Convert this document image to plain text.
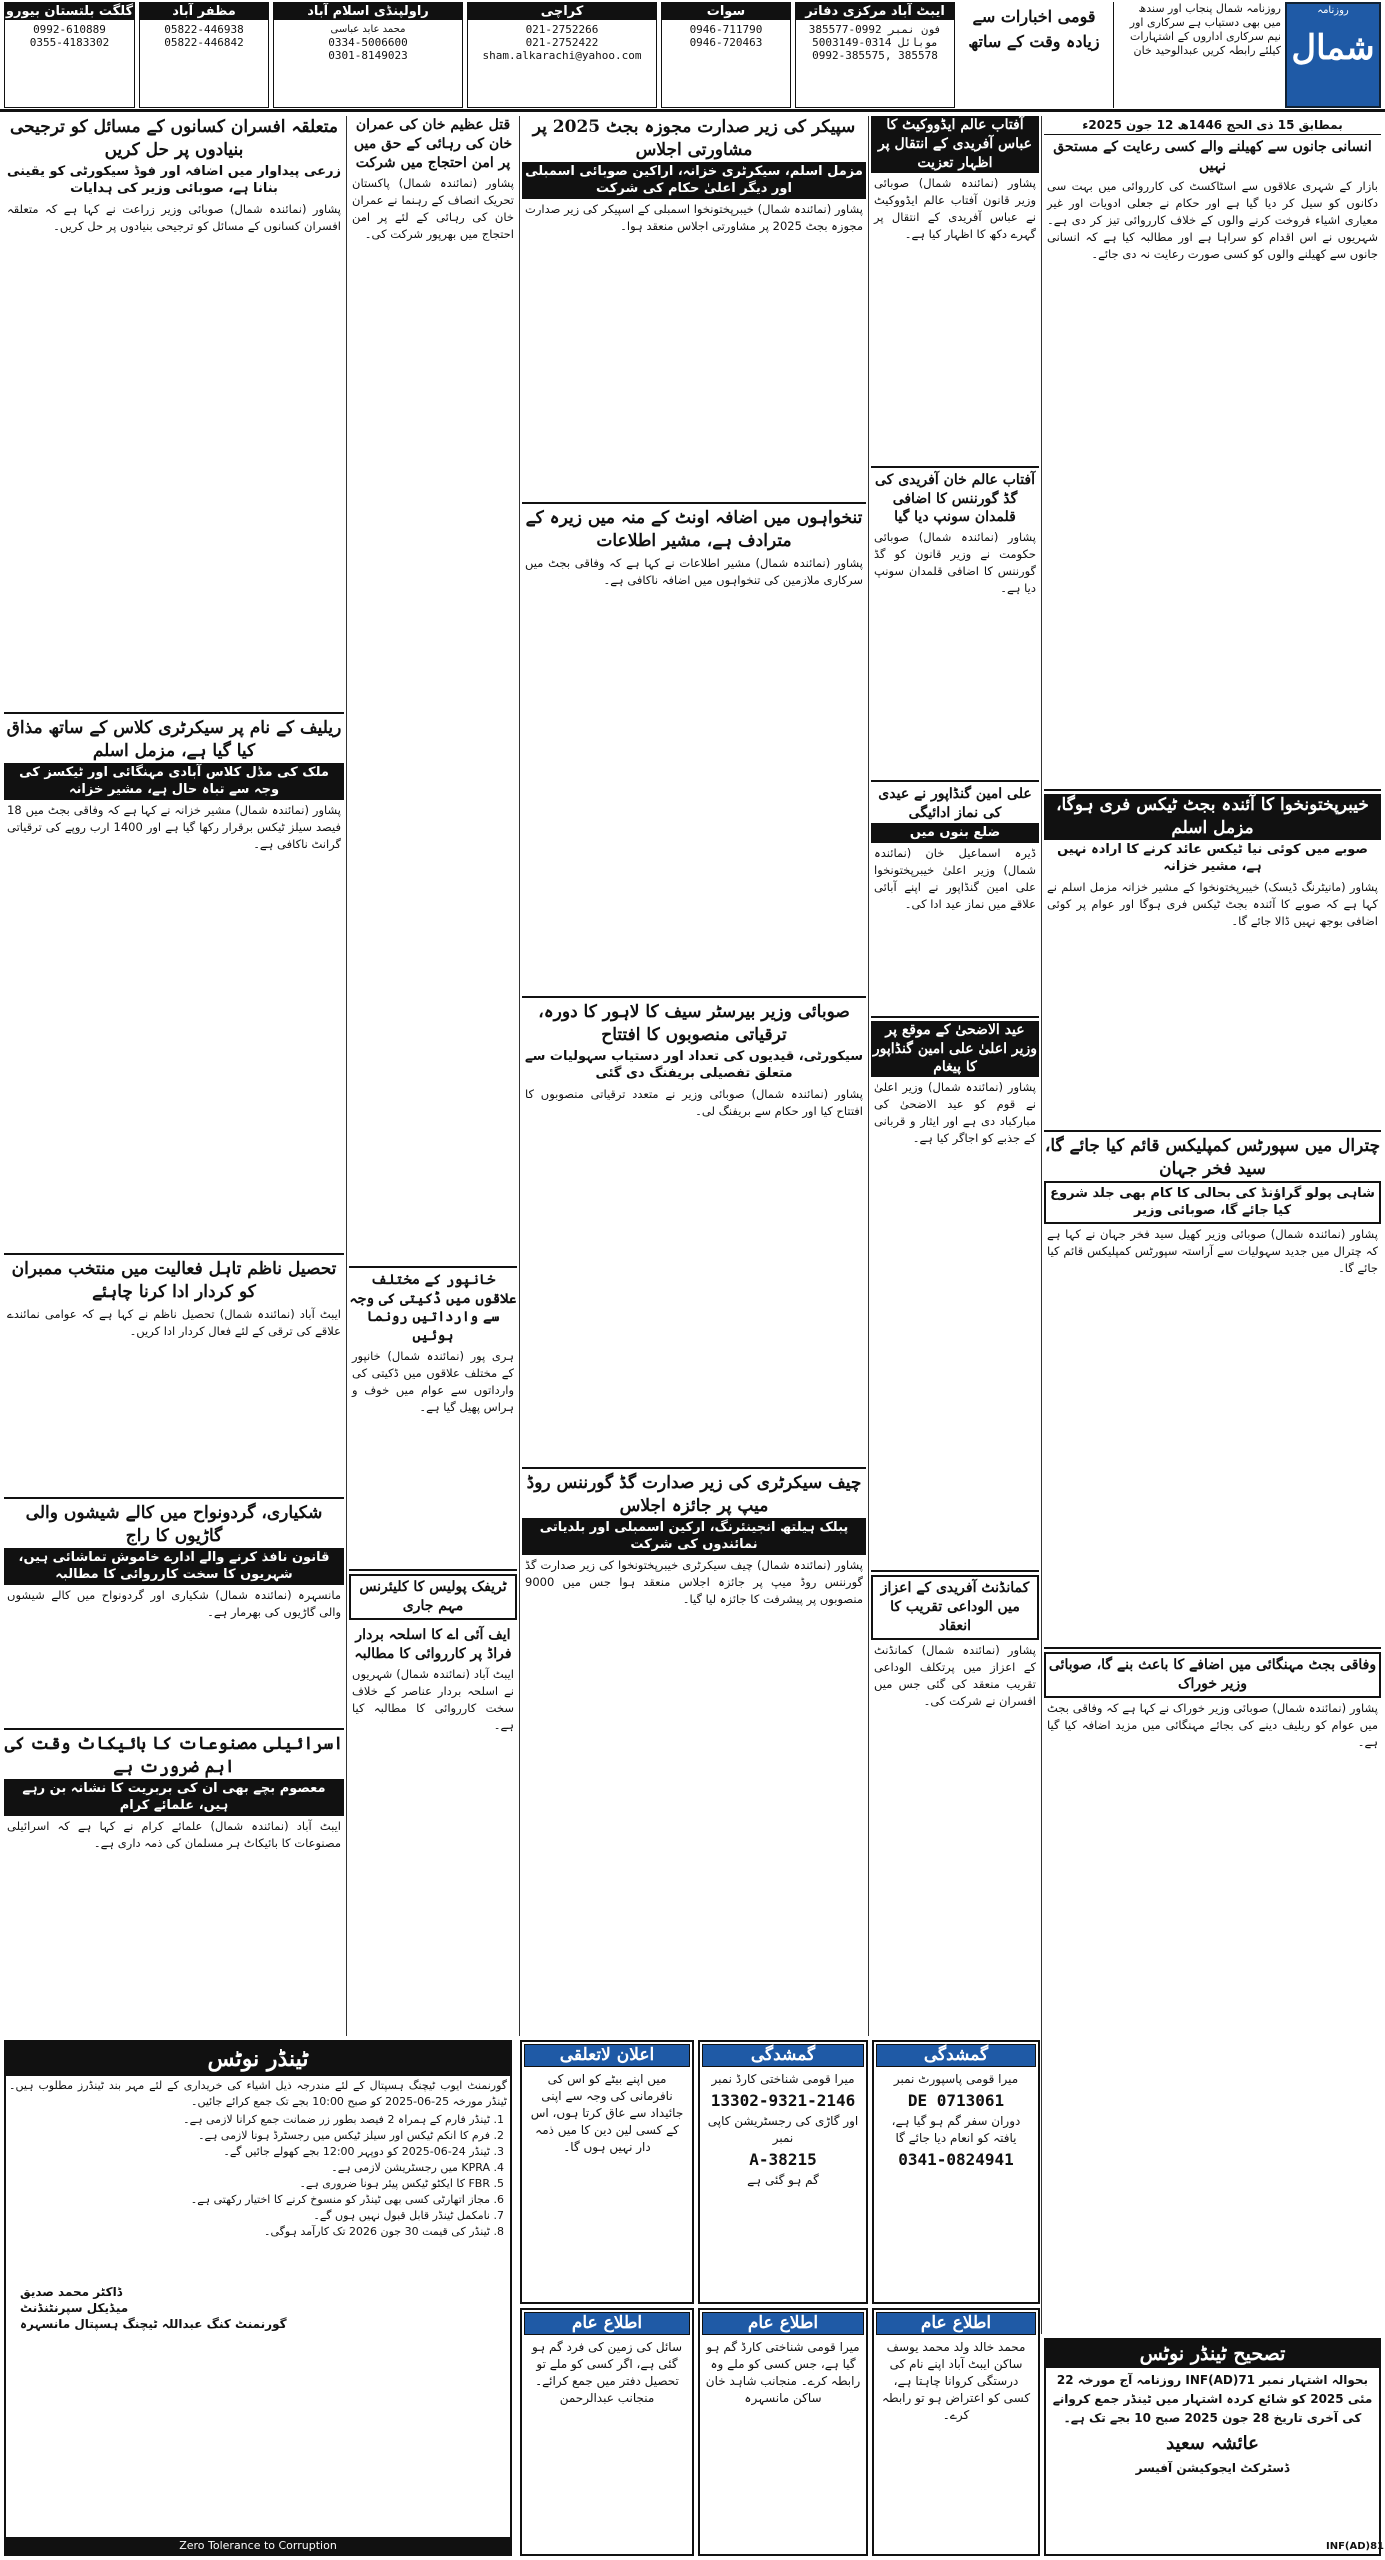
روزنامہ
شمال
روزنامہ شمال پنجاب اور سندھ میں بھی دستیاب ہے سرکاری اور نیم سرکاری اداروں کے اشتہارات کیلئے رابطہ کریں عبدالوحید خان
قومی اخبارات سے زیادہ وقت کے ساتھ
ایبٹ آباد مرکزی دفاتر
فون نمبر 0992-385577
موبائل 0314-5003149
0992-385575, 385578
سوات
0946-711790
0946-720463
کراچی
021-2752266
021-2752422
sham.alkarachi@yahoo.com
راولپنڈی اسلام آباد
محمد عابد عباسی
0334-5006600
0301-8149023
مظفر آباد
05822-446938
05822-446842
گلگت بلتستان بیورو
0992-610889
0355-4183302
بمطابق 15 ذی الحج 1446ھ 12 جون 2025ء
انسانی جانوں سے کھیلنے والے کسی رعایت کے مستحق نہیں
بازار کے شہری علاقوں سے اسٹاکسٹ کی کارروائی میں بہت سی دکانوں کو سیل کر دیا گیا ہے اور حکام نے جعلی ادویات اور غیر معیاری اشیاء فروخت کرنے والوں کے خلاف کارروائی تیز کر دی ہے۔ شہریوں نے اس اقدام کو سراہا ہے اور مطالبہ کیا ہے کہ انسانی جانوں سے کھیلنے والوں کو کسی صورت رعایت نہ دی جائے۔
خیبرپختونخوا کا آئندہ بجٹ ٹیکس فری ہوگا، مزمل اسلم
صوبے میں کوئی نیا ٹیکس عائد کرنے کا ارادہ نہیں ہے، مشیر خزانہ
پشاور (مانیٹرنگ ڈیسک) خیبرپختونخوا کے مشیر خزانہ مزمل اسلم نے کہا ہے کہ صوبے کا آئندہ بجٹ ٹیکس فری ہوگا اور عوام پر کوئی اضافی بوجھ نہیں ڈالا جائے گا۔
چترال میں سپورٹس کمپلیکس قائم کیا جائے گا، سید فخر جہان
شاہی پولو گراؤنڈ کی بحالی کا کام بھی جلد شروع کیا جائے گا، صوبائی وزیر
پشاور (نمائندہ شمال) صوبائی وزیر کھیل سید فخر جہان نے کہا ہے کہ چترال میں جدید سہولیات سے آراستہ سپورٹس کمپلیکس قائم کیا جائے گا۔
وفاقی بجٹ مہنگائی میں اضافے کا باعث بنے گا، صوبائی وزیر خوراک
پشاور (نمائندہ شمال) صوبائی وزیر خوراک نے کہا ہے کہ وفاقی بجٹ میں عوام کو ریلیف دینے کی بجائے مہنگائی میں مزید اضافہ کیا گیا ہے۔
آفتاب عالم ایڈووکیٹ کا عباس آفریدی کے انتقال پر اظہار تعزیت
پشاور (نمائندہ شمال) صوبائی وزیر قانون آفتاب عالم ایڈووکیٹ نے عباس آفریدی کے انتقال پر گہرے دکھ کا اظہار کیا ہے۔
آفتاب عالم خان آفریدی کی گڈ گورننس کا اضافی قلمدان سونپ دیا گیا
پشاور (نمائندہ شمال) صوبائی حکومت نے وزیر قانون کو گڈ گورننس کا اضافی قلمدان سونپ دیا ہے۔
علی امین گنڈاپور نے عیدی کی نماز ادائیگی
ضلع بنوں میں
ڈیرہ اسماعیل خان (نمائندہ شمال) وزیر اعلیٰ خیبرپختونخوا علی امین گنڈاپور نے اپنے آبائی علاقے میں نماز عید ادا کی۔
عید الاضحیٰ کے موقع پر وزیر اعلیٰ علی امین گنڈاپور کا پیغام
پشاور (نمائندہ شمال) وزیر اعلیٰ نے قوم کو عید الاضحیٰ کی مبارکباد دی ہے اور ایثار و قربانی کے جذبے کو اجاگر کیا ہے۔
کمانڈنٹ آفریدی کے اعزاز میں الوداعی تقریب کا انعقاد
پشاور (نمائندہ شمال) کمانڈنٹ کے اعزاز میں پرتکلف الوداعی تقریب منعقد کی گئی جس میں افسران نے شرکت کی۔
سپیکر کی زیر صدارت مجوزہ بجٹ 2025 پر مشاورتی اجلاس
مزمل اسلم، سیکرٹری خزانہ، اراکین صوبائی اسمبلی اور دیگر اعلیٰ حکام کی شرکت
پشاور (نمائندہ شمال) خیبرپختونخوا اسمبلی کے اسپیکر کی زیر صدارت مجوزہ بجٹ 2025 پر مشاورتی اجلاس منعقد ہوا۔
تنخواہوں میں اضافہ اونٹ کے منہ میں زیرہ کے مترادف ہے، مشیر اطلاعات
پشاور (نمائندہ شمال) مشیر اطلاعات نے کہا ہے کہ وفاقی بجٹ میں سرکاری ملازمین کی تنخواہوں میں اضافہ ناکافی ہے۔
صوبائی وزیر بیرسٹر سیف کا لاہور کا دورہ، ترقیاتی منصوبوں کا افتتاح
سیکورٹی، قیدیوں کی تعداد اور دستیاب سہولیات سے متعلق تفصیلی بریفنگ دی گئی
پشاور (نمائندہ شمال) صوبائی وزیر نے متعدد ترقیاتی منصوبوں کا افتتاح کیا اور حکام سے بریفنگ لی۔
چیف سیکرٹری کی زیر صدارت گڈ گورننس روڈ میپ پر جائزہ اجلاس
پبلک ہیلتھ انجینئرنگ، ارکین اسمبلی اور بلدیاتی نمائندوں کی شرکت
پشاور (نمائندہ شمال) چیف سیکرٹری خیبرپختونخوا کی زیر صدارت گڈ گورننس روڈ میپ پر جائزہ اجلاس منعقد ہوا جس میں 9000 منصوبوں پر پیشرفت کا جائزہ لیا گیا۔
قتل عظیم خان کی عمران خان کی رہائی کے حق میں پر امن احتجاج میں شرکت
پشاور (نمائندہ شمال) پاکستان تحریک انصاف کے رہنما نے عمران خان کی رہائی کے لئے پر امن احتجاج میں بھرپور شرکت کی۔
خانپور کے مختلف علاقوں میں ڈکیتی کی وجہ سے وارداتیں رونما ہوئیں
ہری پور (نمائندہ شمال) خانپور کے مختلف علاقوں میں ڈکیتی کی وارداتوں سے عوام میں خوف و ہراس پھیل گیا ہے۔
ٹریفک پولیس کا کلیئرنس مہم جاری
ایف آئی اے کا اسلحہ بردار فراڈ پر کارروائی کا مطالبہ
ایبٹ آباد (نمائندہ شمال) شہریوں نے اسلحہ بردار عناصر کے خلاف سخت کارروائی کا مطالبہ کیا ہے۔
متعلقہ افسران کسانوں کے مسائل کو ترجیحی بنیادوں پر حل کریں
زرعی پیداوار میں اضافہ اور فوڈ سیکورٹی کو یقینی بنانا ہے، صوبائی وزیر کی ہدایات
پشاور (نمائندہ شمال) صوبائی وزیر زراعت نے کہا ہے کہ متعلقہ افسران کسانوں کے مسائل کو ترجیحی بنیادوں پر حل کریں۔
ریلیف کے نام پر سیکرٹری کلاس کے ساتھ مذاق کیا گیا ہے، مزمل اسلم
ملک کی مڈل کلاس آبادی مہنگائی اور ٹیکسز کی وجہ سے تباہ حال ہے، مشیر خزانہ
پشاور (نمائندہ شمال) مشیر خزانہ نے کہا ہے کہ وفاقی بجٹ میں 18 فیصد سیلز ٹیکس برقرار رکھا گیا ہے اور 1400 ارب روپے کی ترقیاتی گرانٹ ناکافی ہے۔
تحصیل ناظم تاہل فعالیت میں منتخب ممبران کو کردار ادا کرنا چاہئے
ایبٹ آباد (نمائندہ شمال) تحصیل ناظم نے کہا ہے کہ عوامی نمائندے علاقے کی ترقی کے لئے فعال کردار ادا کریں۔
شکیاری، گردونواح میں کالے شیشوں والی گاڑیوں کا راج
قانون نافذ کرنے والے ادارے خاموش تماشائی ہیں، شہریوں کا سخت کارروائی کا مطالبہ
مانسہرہ (نمائندہ شمال) شکیاری اور گردونواح میں کالے شیشوں والی گاڑیوں کی بھرمار ہے۔
اسرائیلی مصنوعات کا بائیکاٹ وقت کی اہم ضرورت ہے
معصوم بچے بھی ان کی بربریت کا نشانہ بن رہے ہیں، علمائے کرام
ایبٹ آباد (نمائندہ شمال) علمائے کرام نے کہا ہے کہ اسرائیلی مصنوعات کا بائیکاٹ ہر مسلمان کی ذمہ داری ہے۔
ٹینڈر نوٹس
گورنمنٹ ایوب ٹیچنگ ہسپتال کے لئے مندرجہ ذیل اشیاء کی خریداری کے لئے مہر بند ٹینڈرز مطلوب ہیں۔ ٹینڈر مورخہ 25-06-2025 کو صبح 10:00 بجے تک جمع کرائے جائیں۔
1. ٹینڈر فارم کے ہمراہ 2 فیصد بطور زر ضمانت جمع کرانا لازمی ہے۔
2. فرم کا انکم ٹیکس اور سیلز ٹیکس میں رجسٹرڈ ہونا لازمی ہے۔
3. ٹینڈر 24-06-2025 کو دوپہر 12:00 بجے کھولے جائیں گے۔
4. KPRA میں رجسٹریشن لازمی ہے۔
5. FBR کا ایکٹو ٹیکس پیئر ہونا ضروری ہے۔
6. مجاز اتھارٹی کسی بھی ٹینڈر کو منسوخ کرنے کا اختیار رکھتی ہے۔
7. نامکمل ٹینڈر قابل قبول نہیں ہوں گے۔
8. ٹینڈر کی قیمت 30 جون 2026 تک کارآمد ہوگی۔
ڈاکٹر محمد صدیق
میڈیکل سپرنٹنڈنٹ
گورنمنٹ کنگ عبداللہ ٹیچنگ ہسپتال مانسہرہ
Zero Tolerance to Corruption
گمشدگی

میرا قومی پاسپورٹ نمبر

DE 0713061

دوران سفر گم ہو گیا ہے، یافتہ کو انعام دیا جائے گا

0341-0824941

گمشدگی

میرا قومی شناختی کارڈ نمبر

13302-9321-2146

اور گاڑی کی رجسٹریشن کاپی نمبر

A-38215

گم ہو گئی ہے

اعلان لاتعلقی

میں اپنے بیٹے کو اس کی نافرمانی کی وجہ سے اپنی جائیداد سے عاق کرتا ہوں، اس کے کسی لین دین کا میں ذمہ دار نہیں ہوں گا۔

اطلاع عام

محمد خالد ولد محمد یوسف ساکن ایبٹ آباد اپنے نام کی درستگی کروانا چاہتا ہے، کسی کو اعتراض ہو تو رابطہ کرے۔

اطلاع عام

میرا قومی شناختی کارڈ گم ہو گیا ہے، جس کسی کو ملے وہ رابطہ کرے۔ منجانب شاہد خان ساکن مانسہرہ

اطلاع عام

سائل کی زمین کی فرد گم ہو گئی ہے، اگر کسی کو ملے تو تحصیل دفتر میں جمع کرائے۔ منجانب عبدالرحمن

تصحیح ٹینڈر نوٹس

بحوالہ اشتہار نمبر INF(AD)71 روزنامہ آج مورخہ 22 مئی 2025 کو شائع کردہ اشتہار میں ٹینڈر جمع کروانے کی آخری تاریخ 28 جون 2025 صبح 10 بجے تک ہے۔

عائشہ سعید

ڈسٹرکٹ ایجوکیشن آفیسر

INF(AD)81
